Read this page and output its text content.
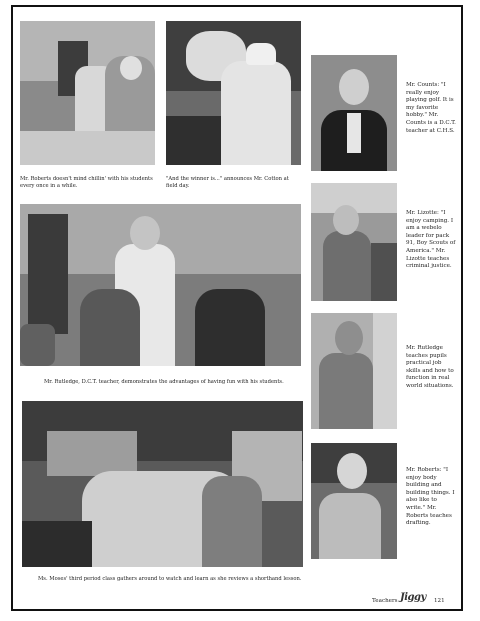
Mr. Roberts doesn't mind chillin' with his students every once in a while.
"And the winner is..." announces Mr. Cotton at field day.
Mr. Counts: "I really enjoy playing golf. It is my favorite hobby." Mr. Counts is a D.C.T. teacher at C.H.S.
Mr. Lizotte: "I enjoy camping. I am a webelo leader for pack 91, Boy Scouts of America." Mr. Lizotte teaches criminal justice.
Mr. Rutledge, D.C.T. teacher, demonstrates the advantages of having fun with his students.
Mr. Rutledge teaches pupils practical job skills and how to function in real world situations.
Ms. Moses' third period class gathers around to watch and learn as she reviews a shorthand lesson.
Mr. Roberts: "I enjoy body building and building things. I also like to write." Mr. Roberts teaches drafting.
Teachers Jiggy 121
